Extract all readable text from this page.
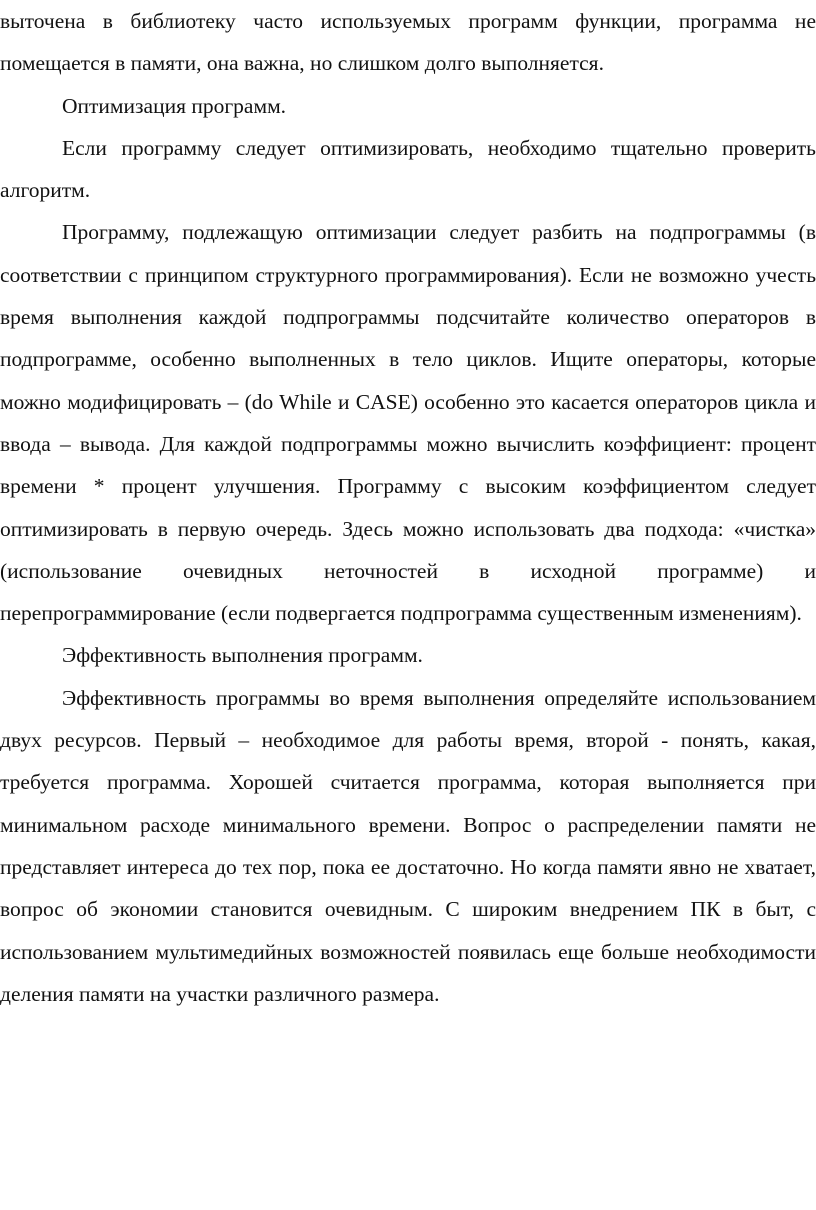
выточена в библиотеку часто используемых программ функции, программа не помещается в памяти, она важна, но слишком долго выполняется.

Оптимизация программ.

Если программу следует оптимизировать, необходимо тщательно проверить алгоритм.

Программу, подлежащую оптимизации следует разбить на подпрограммы (в соответствии с принципом структурного программирования). Если не возможно учесть время выполнения каждой подпрограммы подсчитайте количество операторов в подпрограмме, особенно выполненных в тело циклов. Ищите операторы, которые можно модифицировать – (do While и CASE) особенно это касается операторов цикла и ввода – вывода. Для каждой подпрограммы можно вычислить коэффициент: процент времени * процент улучшения. Программу с высоким коэффициентом следует оптимизировать в первую очередь. Здесь можно использовать два подхода: «чистка» (использование очевидных неточностей в исходной программе) и перепрограммирование (если подвергается подпрограмма существенным изменениям).

Эффективность выполнения программ.

Эффективность программы во время выполнения определяйте использованием двух ресурсов. Первый – необходимое для работы время, второй - понять, какая, требуется программа. Хорошей считается программа, которая выполняется при минимальном расходе минимального времени. Вопрос о распределении памяти не представляет интереса до тех пор, пока ее достаточно. Но когда памяти явно не хватает, вопрос об экономии становится очевидным. С широким внедрением ПК в быт, с использованием мультимедийных возможностей появилась еще больше необходимости деления памяти на участки различного размера.
